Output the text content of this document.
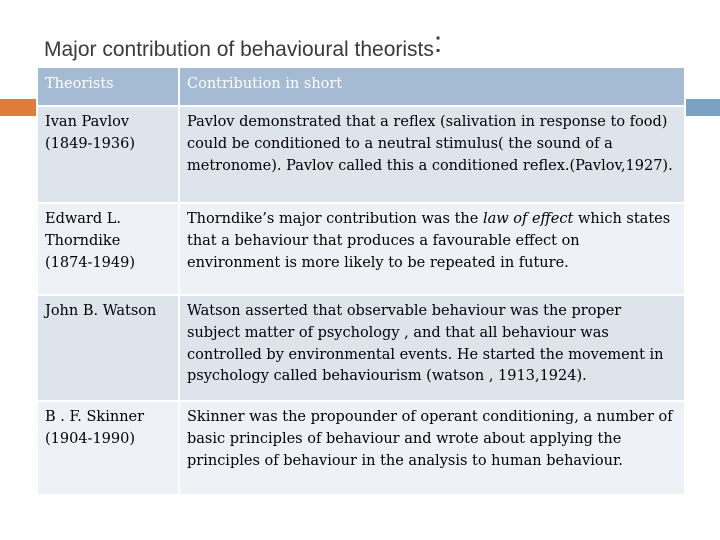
Major contribution of behavioural theorists:
Theorists	Contribution in short
Ivan Pavlov (1849-1936)	Pavlov demonstrated that a reflex (salivation in response to food) could be conditioned to a neutral stimulus( the sound of a metronome). Pavlov called this a conditioned reflex.(Pavlov,1927).
Edward L. Thorndike (1874-1949)	Thorndike’s major contribution was the law of effect which states that a behaviour that produces a favourable effect on environment is more likely to be repeated in future.
John B. Watson	Watson asserted that observable behaviour was the proper subject matter of psychology , and that all behaviour was controlled by environmental events. He started the movement in psychology called behaviourism (watson , 1913,1924).
B . F. Skinner (1904-1990)	Skinner was the propounder of operant conditioning, a number of basic principles of behaviour and wrote about applying the principles of behaviour in the analysis to human behaviour.
